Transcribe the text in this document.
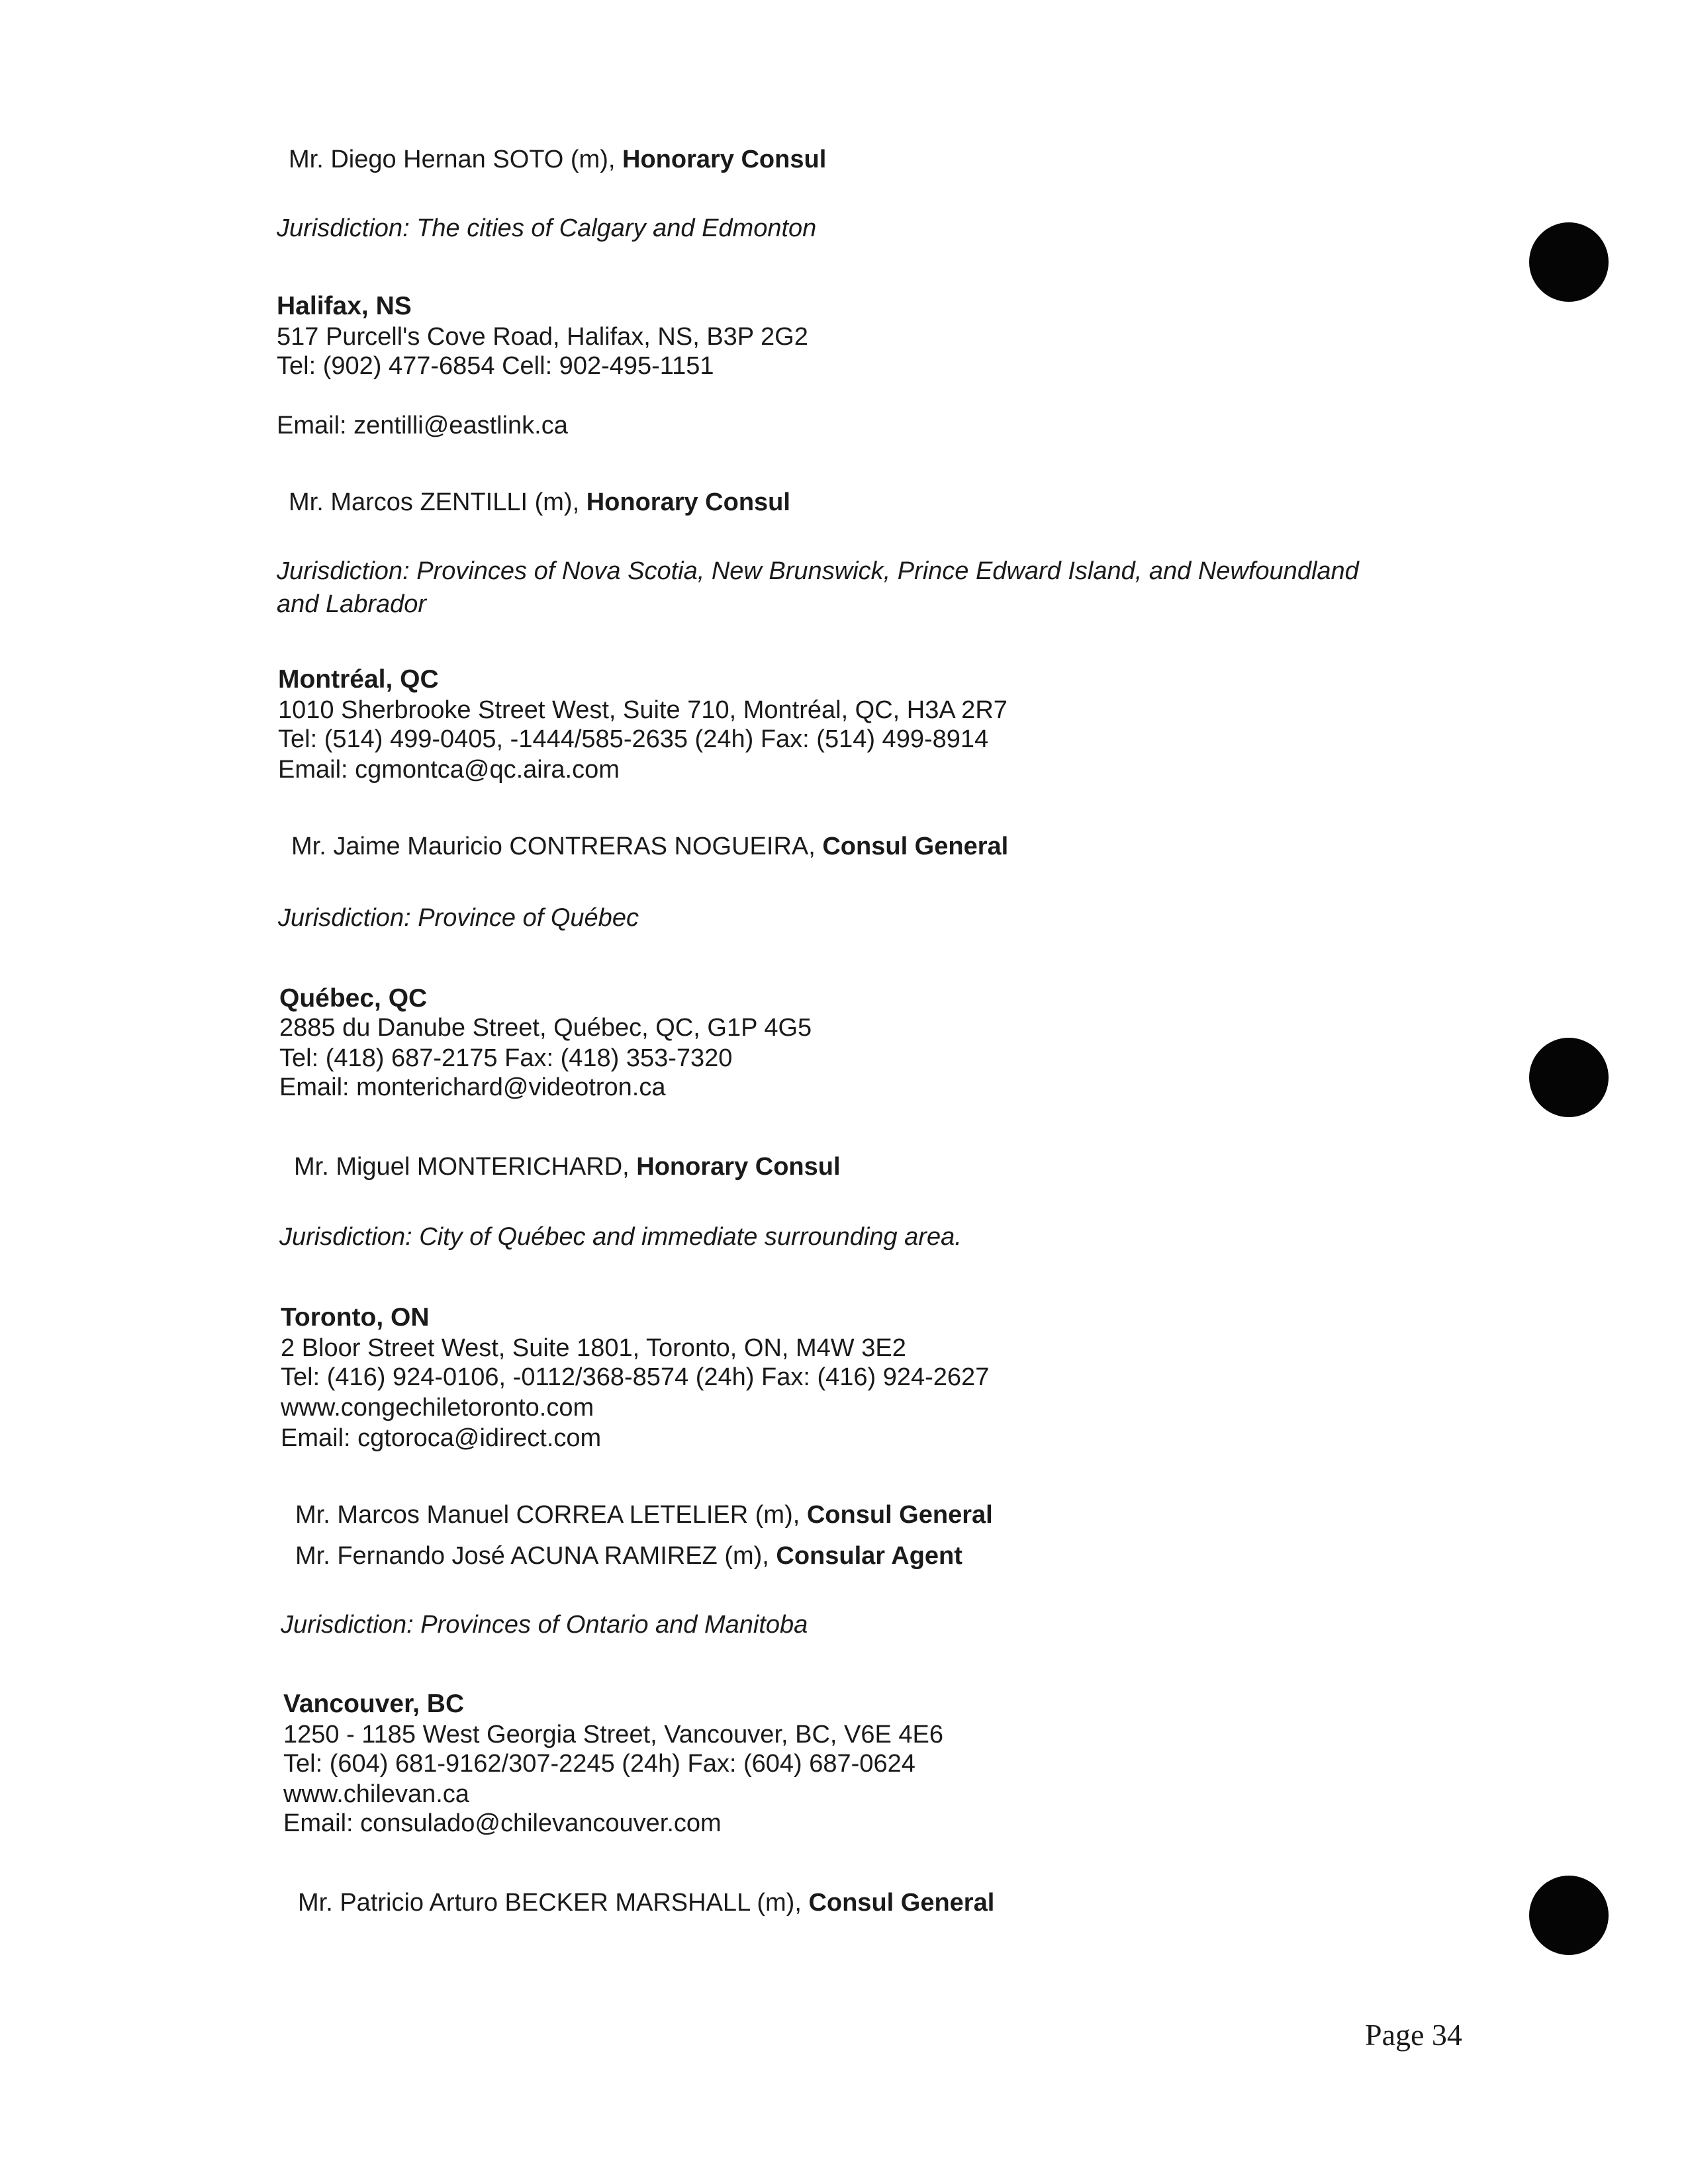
Mr. Diego Hernan SOTO (m), Honorary Consul

Jurisdiction: The cities of Calgary and Edmonton

Halifax, NS

517 Purcell's Cove Road, Halifax, NS, B3P 2G2

Tel: (902) 477-6854 Cell: 902-495-1151

Email: zentilli@eastlink.ca

Mr. Marcos ZENTILLI (m), Honorary Consul

Jurisdiction: Provinces of Nova Scotia, New Brunswick, Prince Edward Island, and Newfoundland

and Labrador

Montréal, QC

1010 Sherbrooke Street West, Suite 710, Montréal, QC, H3A 2R7

Tel: (514) 499-0405, -1444/585-2635 (24h) Fax: (514) 499-8914

Email: cgmontca@qc.aira.com

Mr. Jaime Mauricio CONTRERAS NOGUEIRA, Consul General

Jurisdiction: Province of Québec

Québec, QC

2885 du Danube Street, Québec, QC, G1P 4G5

Tel: (418) 687-2175 Fax: (418) 353-7320

Email: monterichard@videotron.ca

Mr. Miguel MONTERICHARD, Honorary Consul

Jurisdiction: City of Québec and immediate surrounding area.

Toronto, ON

2 Bloor Street West, Suite 1801, Toronto, ON, M4W 3E2

Tel: (416) 924-0106, -0112/368-8574 (24h) Fax: (416) 924-2627

www.congechiletoronto.com

Email: cgtoroca@idirect.com

Mr. Marcos Manuel CORREA LETELIER (m), Consul General

Mr. Fernando José ACUNA RAMIREZ (m), Consular Agent

Jurisdiction: Provinces of Ontario and Manitoba

Vancouver, BC

1250 - 1185 West Georgia Street, Vancouver, BC, V6E 4E6

Tel: (604) 681-9162/307-2245 (24h) Fax: (604) 687-0624

www.chilevan.ca

Email: consulado@chilevancouver.com

Mr. Patricio Arturo BECKER MARSHALL (m), Consul General

Page 34
